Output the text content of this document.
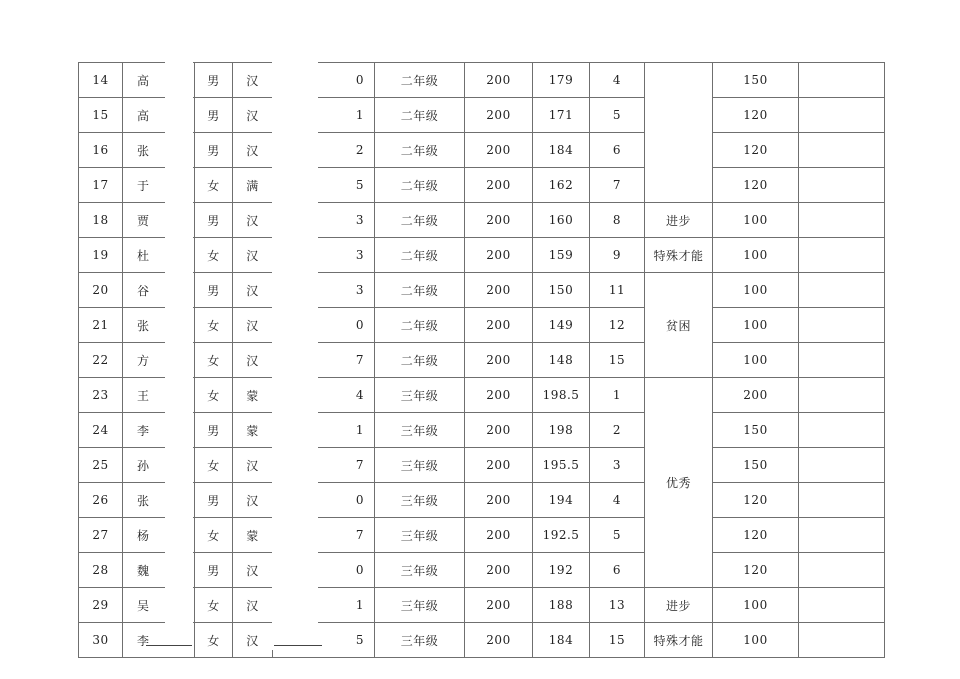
14	高	男	汉	0	二年级	200	179	4		150	
15	高	男	汉	1	二年级	200	171	5		120	
16	张	男	汉	2	二年级	200	184	6		120	
17	于	女	满	5	二年级	200	162	7		120	
18	贾	男	汉	3	二年级	200	160	8	进步	100	
19	杜	女	汉	3	二年级	200	159	9	特殊才能	100	
20	谷	男	汉	3	二年级	200	150	11	贫困	100	
21	张	女	汉	0	二年级	200	149	12		100	
22	方	女	汉	7	二年级	200	148	15		100	
23	王	女	蒙	4	三年级	200	198.5	1	优秀	200	
24	李	男	蒙	1	三年级	200	198	2		150	
25	孙	女	汉	7	三年级	200	195.5	3		150	
26	张	男	汉	0	三年级	200	194	4		120	
27	杨	女	蒙	7	三年级	200	192.5	5		120	
28	魏	男	汉	0	三年级	200	192	6		120	
29	吴	女	汉	1	三年级	200	188	13	进步	100	
30	李	女	汉	5	三年级	200	184	15	特殊才能	100	
